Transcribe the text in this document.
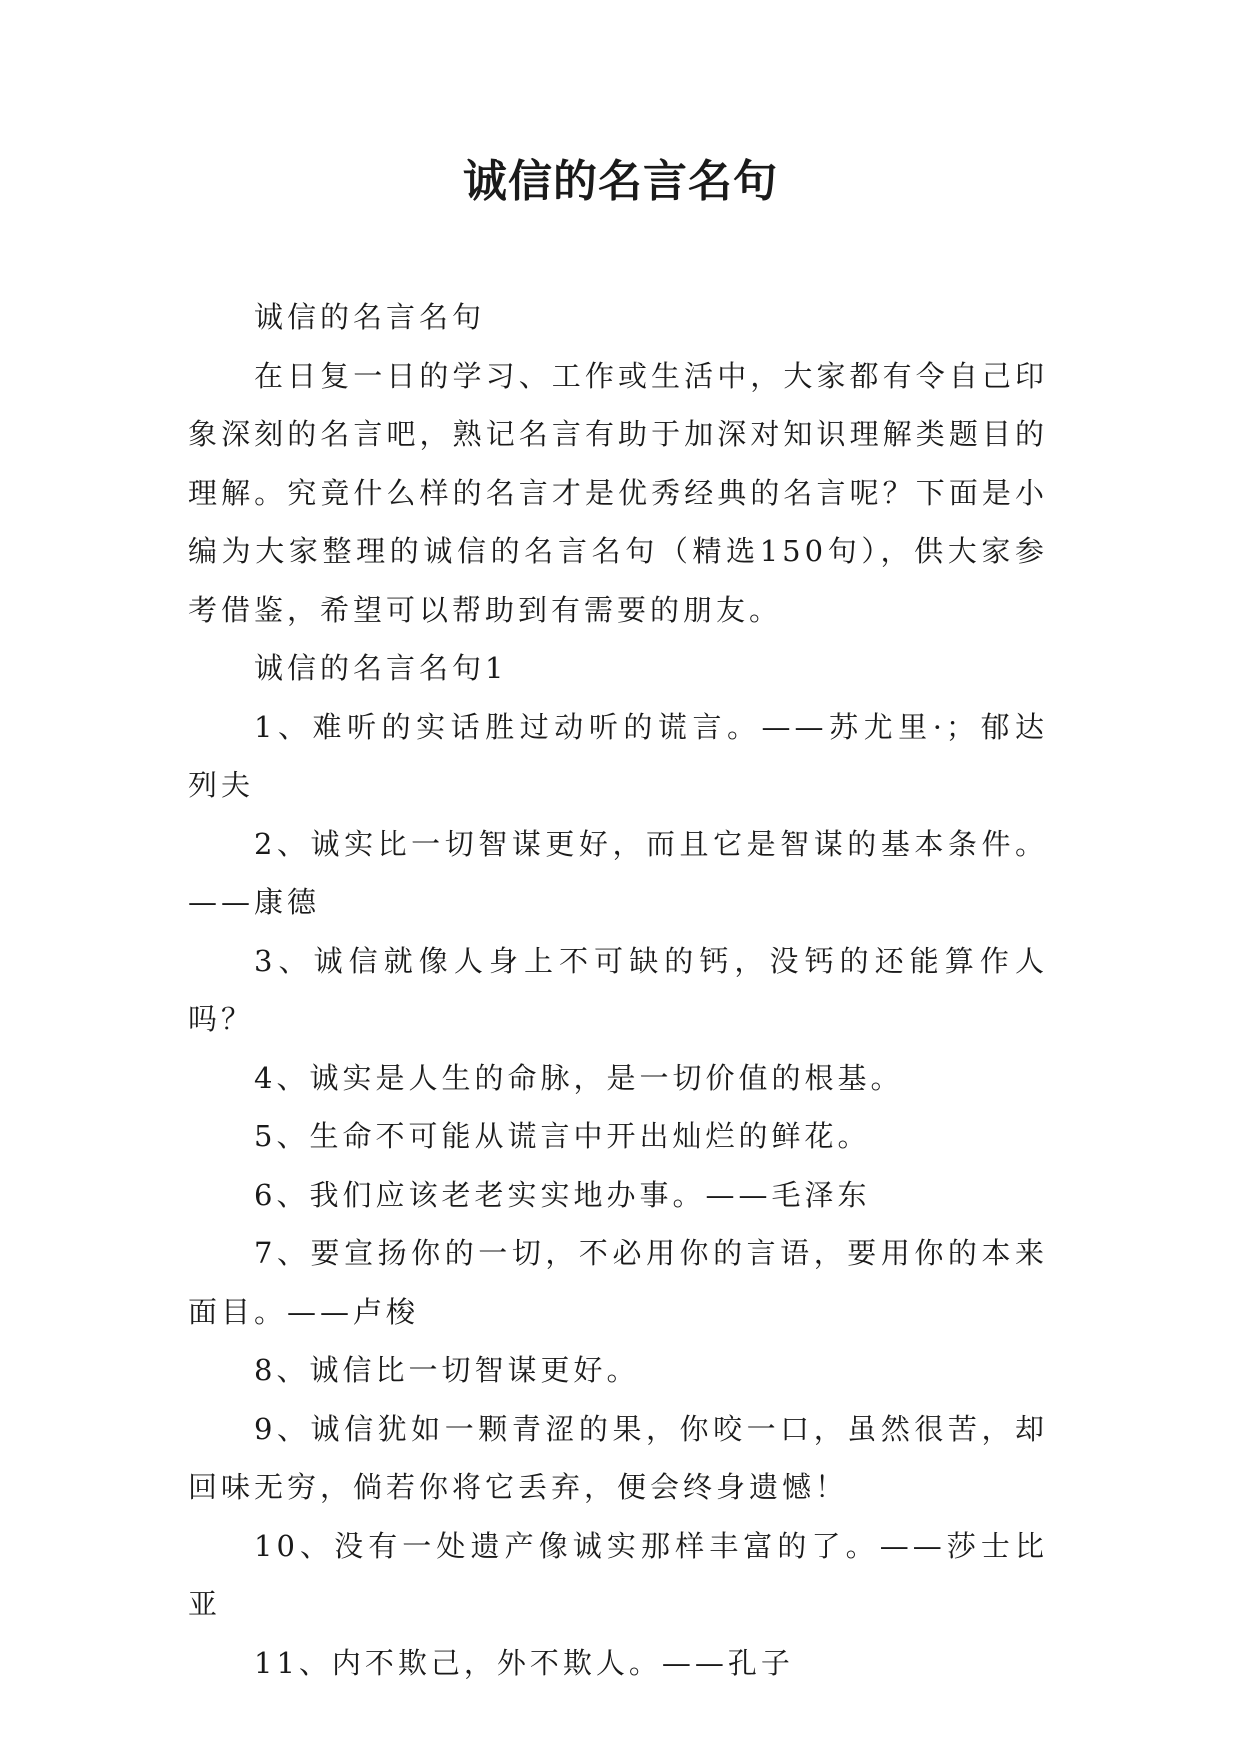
诚信的名言名句

诚信的名言名句

在日复一日的学习、工作或生活中，大家都有令自己印象深刻的名言吧，熟记名言有助于加深对知识理解类题目的理解。究竟什么样的名言才是优秀经典的名言呢？下面是小编为大家整理的诚信的名言名句（精选150句），供大家参考借鉴，希望可以帮助到有需要的朋友。

诚信的名言名句1

1、难听的实话胜过动听的谎言。——苏尤里·；郁达列夫

2、诚实比一切智谋更好，而且它是智谋的基本条件。——康德

3、诚信就像人身上不可缺的钙，没钙的还能算作人吗？

4、诚实是人生的命脉，是一切价值的根基。

5、生命不可能从谎言中开出灿烂的鲜花。

6、我们应该老老实实地办事。——毛泽东

7、要宣扬你的一切，不必用你的言语，要用你的本来面目。——卢梭

8、诚信比一切智谋更好。

9、诚信犹如一颗青涩的果，你咬一口，虽然很苦，却回味无穷，倘若你将它丢弃，便会终身遗憾！

10、没有一处遗产像诚实那样丰富的了。——莎士比亚

11、内不欺己，外不欺人。——孔子
